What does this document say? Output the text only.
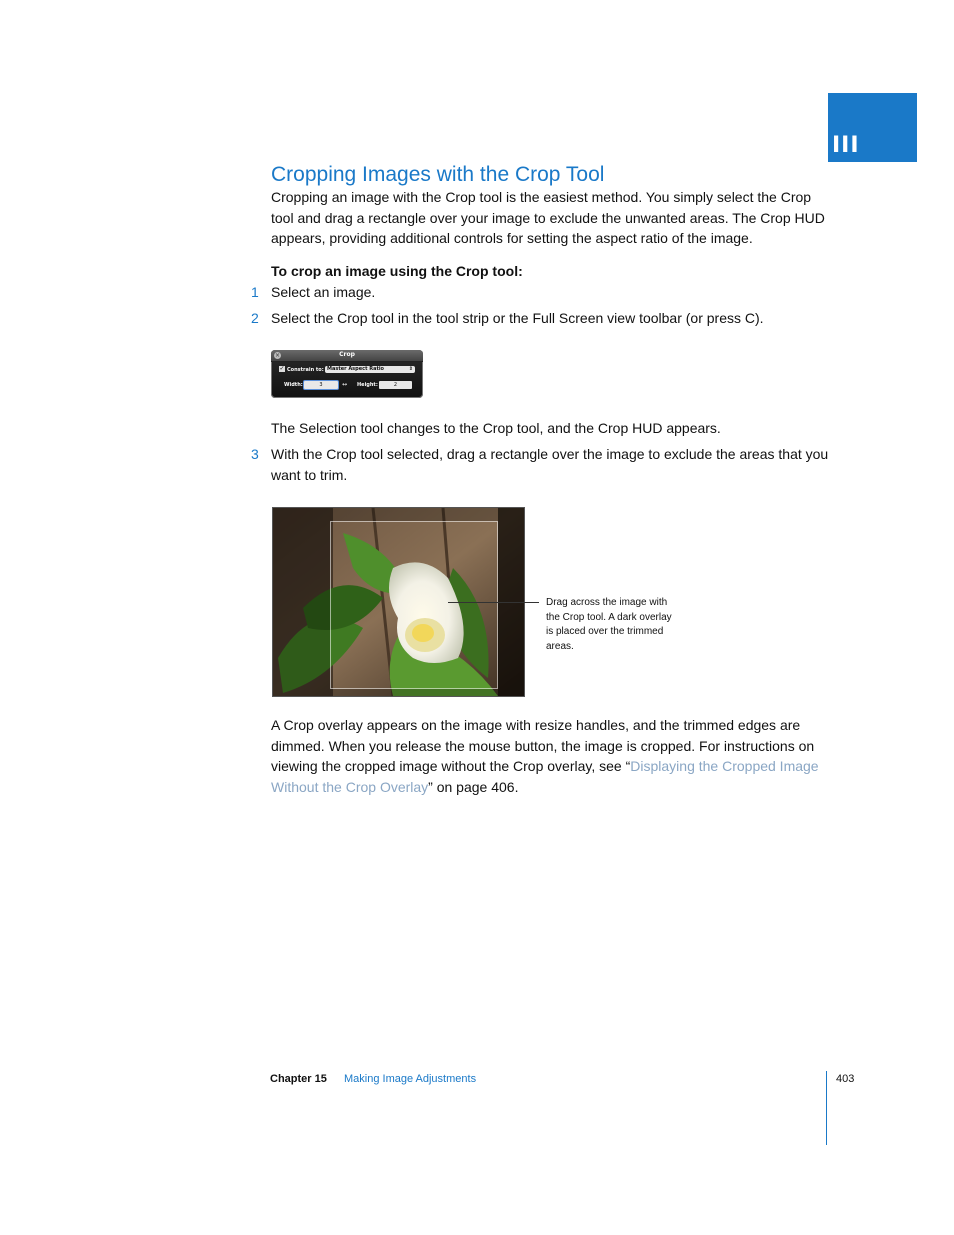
III
Cropping Images with the Crop Tool

Cropping an image with the Crop tool is the easiest method. You simply select the Crop tool and drag a rectangle over your image to exclude the unwanted areas. The Crop HUD appears, providing additional controls for setting the aspect ratio of the image.

To crop an image using the Crop tool:
1 Select an image.

2 Select the Crop tool in the tool strip or the Full Screen view toolbar (or press C).

×	Crop
✓ Constrain to: Master Aspect Ratio	⇕
Width:	3	↔ Height:	2

The Selection tool changes to the Crop tool, and the Crop HUD appears.

3 With the Crop tool selected, drag a rectangle over the image to exclude the areas that you want to trim.

Drag across the image with the Crop tool. A dark overlay is placed over the trimmed areas.

A Crop overlay appears on the image with resize handles, and the trimmed edges are dimmed. When you release the mouse button, the image is cropped. For instructions on viewing the cropped image without the Crop overlay, see “Displaying the Cropped Image Without the Crop Overlay” on page 406.

Chapter 15 Making Image Adjustments	403
